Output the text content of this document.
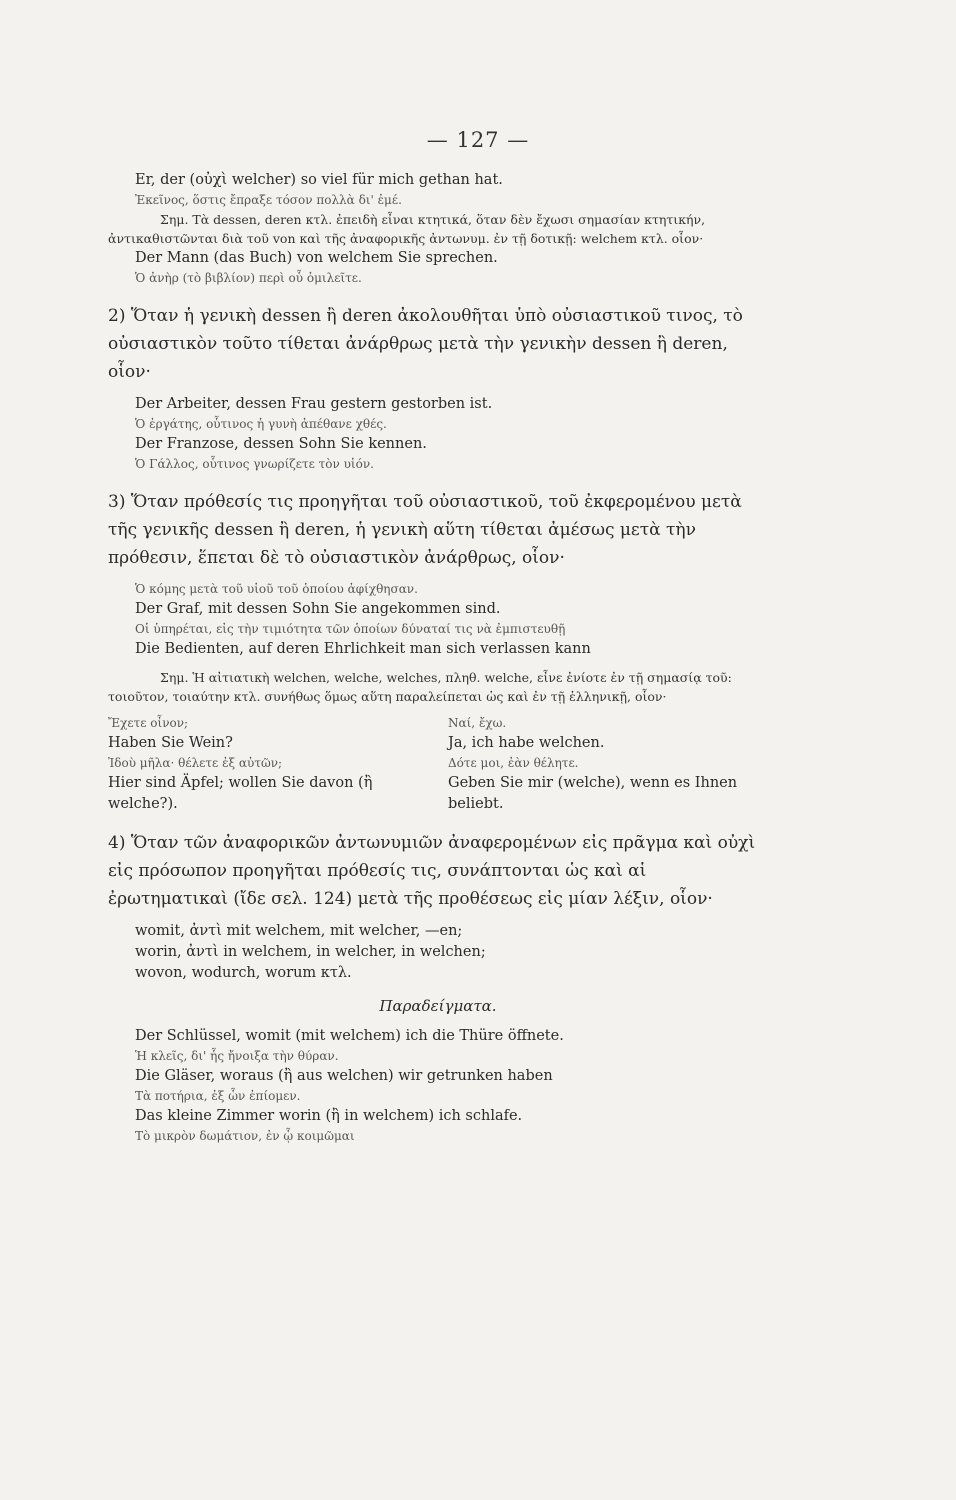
— 127 —

Er, der (οὐχὶ welcher) so viel für mich gethan hat.

Ἐκεῖνος, ὅστις ἔπραξε τόσον πολλὰ δι' ἐμέ.

Σημ. Τὰ dessen, deren κτλ. ἐπειδὴ εἶναι κτητικά, ὅταν δὲν ἔχωσι σημασίαν κτητικήν, ἀντικαθιστῶνται διὰ τοῦ von καὶ τῆς ἀναφορικῆς ἀντωνυμ. ἐν τῇ δοτικῇ: welchem κτλ. οἷον·

Der Mann (das Buch) von welchem Sie sprechen.

Ὁ ἀνὴρ (τὸ βιβλίον) περὶ οὗ ὁμιλεῖτε.

2) Ὅταν ἡ γενικὴ dessen ἢ deren ἀκολουθῆται ὑπὸ οὐσιαστικοῦ τινος, τὸ οὐσιαστικὸν τοῦτο τίθεται ἀνάρθρως μετὰ τὴν γενικὴν dessen ἢ deren, οἷον·

Der Arbeiter, dessen Frau gestern gestorben ist.

Ὁ ἐργάτης, οὗτινος ἡ γυνὴ ἀπέθανε χθές.

Der Franzose, dessen Sohn Sie kennen.

Ὁ Γάλλος, οὗτινος γνωρίζετε τὸν υἱόν.

3) Ὅταν πρόθεσίς τις προηγῆται τοῦ οὐσιαστικοῦ, τοῦ ἐκφερομένου μετὰ τῆς γενικῆς dessen ἢ deren, ἡ γενικὴ αὕτη τίθεται ἀμέσως μετὰ τὴν πρόθεσιν, ἕπεται δὲ τὸ οὐσιαστικὸν ἀνάρθρως, οἷον·

Ὁ κόμης μετὰ τοῦ υἱοῦ τοῦ ὁποίου ἀφίχθησαν.

Der Graf, mit dessen Sohn Sie angekommen sind.

Οἱ ὑπηρέται, εἰς τὴν τιμιότητα τῶν ὁποίων δύναταί τις νὰ ἐμπιστευθῇ

Die Bedienten, auf deren Ehrlichkeit man sich verlassen kann

Σημ. Ἡ αἰτιατικὴ welchen, welche, welches, πληθ. welche, εἶνε ἐνίοτε ἐν τῇ σημασίᾳ τοῦ: τοιοῦτον, τοιαύτην κτλ. συνήθως ὅμως αὕτη παραλείπεται ὡς καὶ ἐν τῇ ἑλληνικῇ, οἷον·

Ἔχετε οἶνον;

Haben Sie Wein?

Ἰδοὺ μῆλα· θέλετε ἐξ αὐτῶν;

Hier sind Äpfel; wollen Sie davon (ἢ welche?).

Ναί, ἔχω.

Ja, ich habe welchen.

Δότε μοι, ἐὰν θέλητε.

Geben Sie mir (welche), wenn es Ihnen beliebt.

4) Ὅταν τῶν ἀναφορικῶν ἀντωνυμιῶν ἀναφερομένων εἰς πρᾶγμα καὶ οὐχὶ εἰς πρόσωπον προηγῆται πρόθεσίς τις, συνάπτονται ὡς καὶ αἱ ἐρωτηματικαὶ (ἴδε σελ. 124) μετὰ τῆς προθέσεως εἰς μίαν λέξιν, οἷον·

womit, ἀντὶ mit welchem, mit welcher, —en;

worin, ἀντὶ in welchem, in welcher, in welchen;

wovon, wodurch, worum κτλ.

Παραδείγματα.

Der Schlüssel, womit (mit welchem) ich die Thüre öffnete.

Ἡ κλεῖς, δι' ἧς ἤνοιξα τὴν θύραν.

Die Gläser, woraus (ἢ aus welchen) wir getrunken haben

Τὰ ποτήρια, ἐξ ὧν ἐπίομεν.

Das kleine Zimmer worin (ἢ in welchem) ich schlafe.

Τὸ μικρὸν δωμάτιον, ἐν ᾧ κοιμῶμαι
